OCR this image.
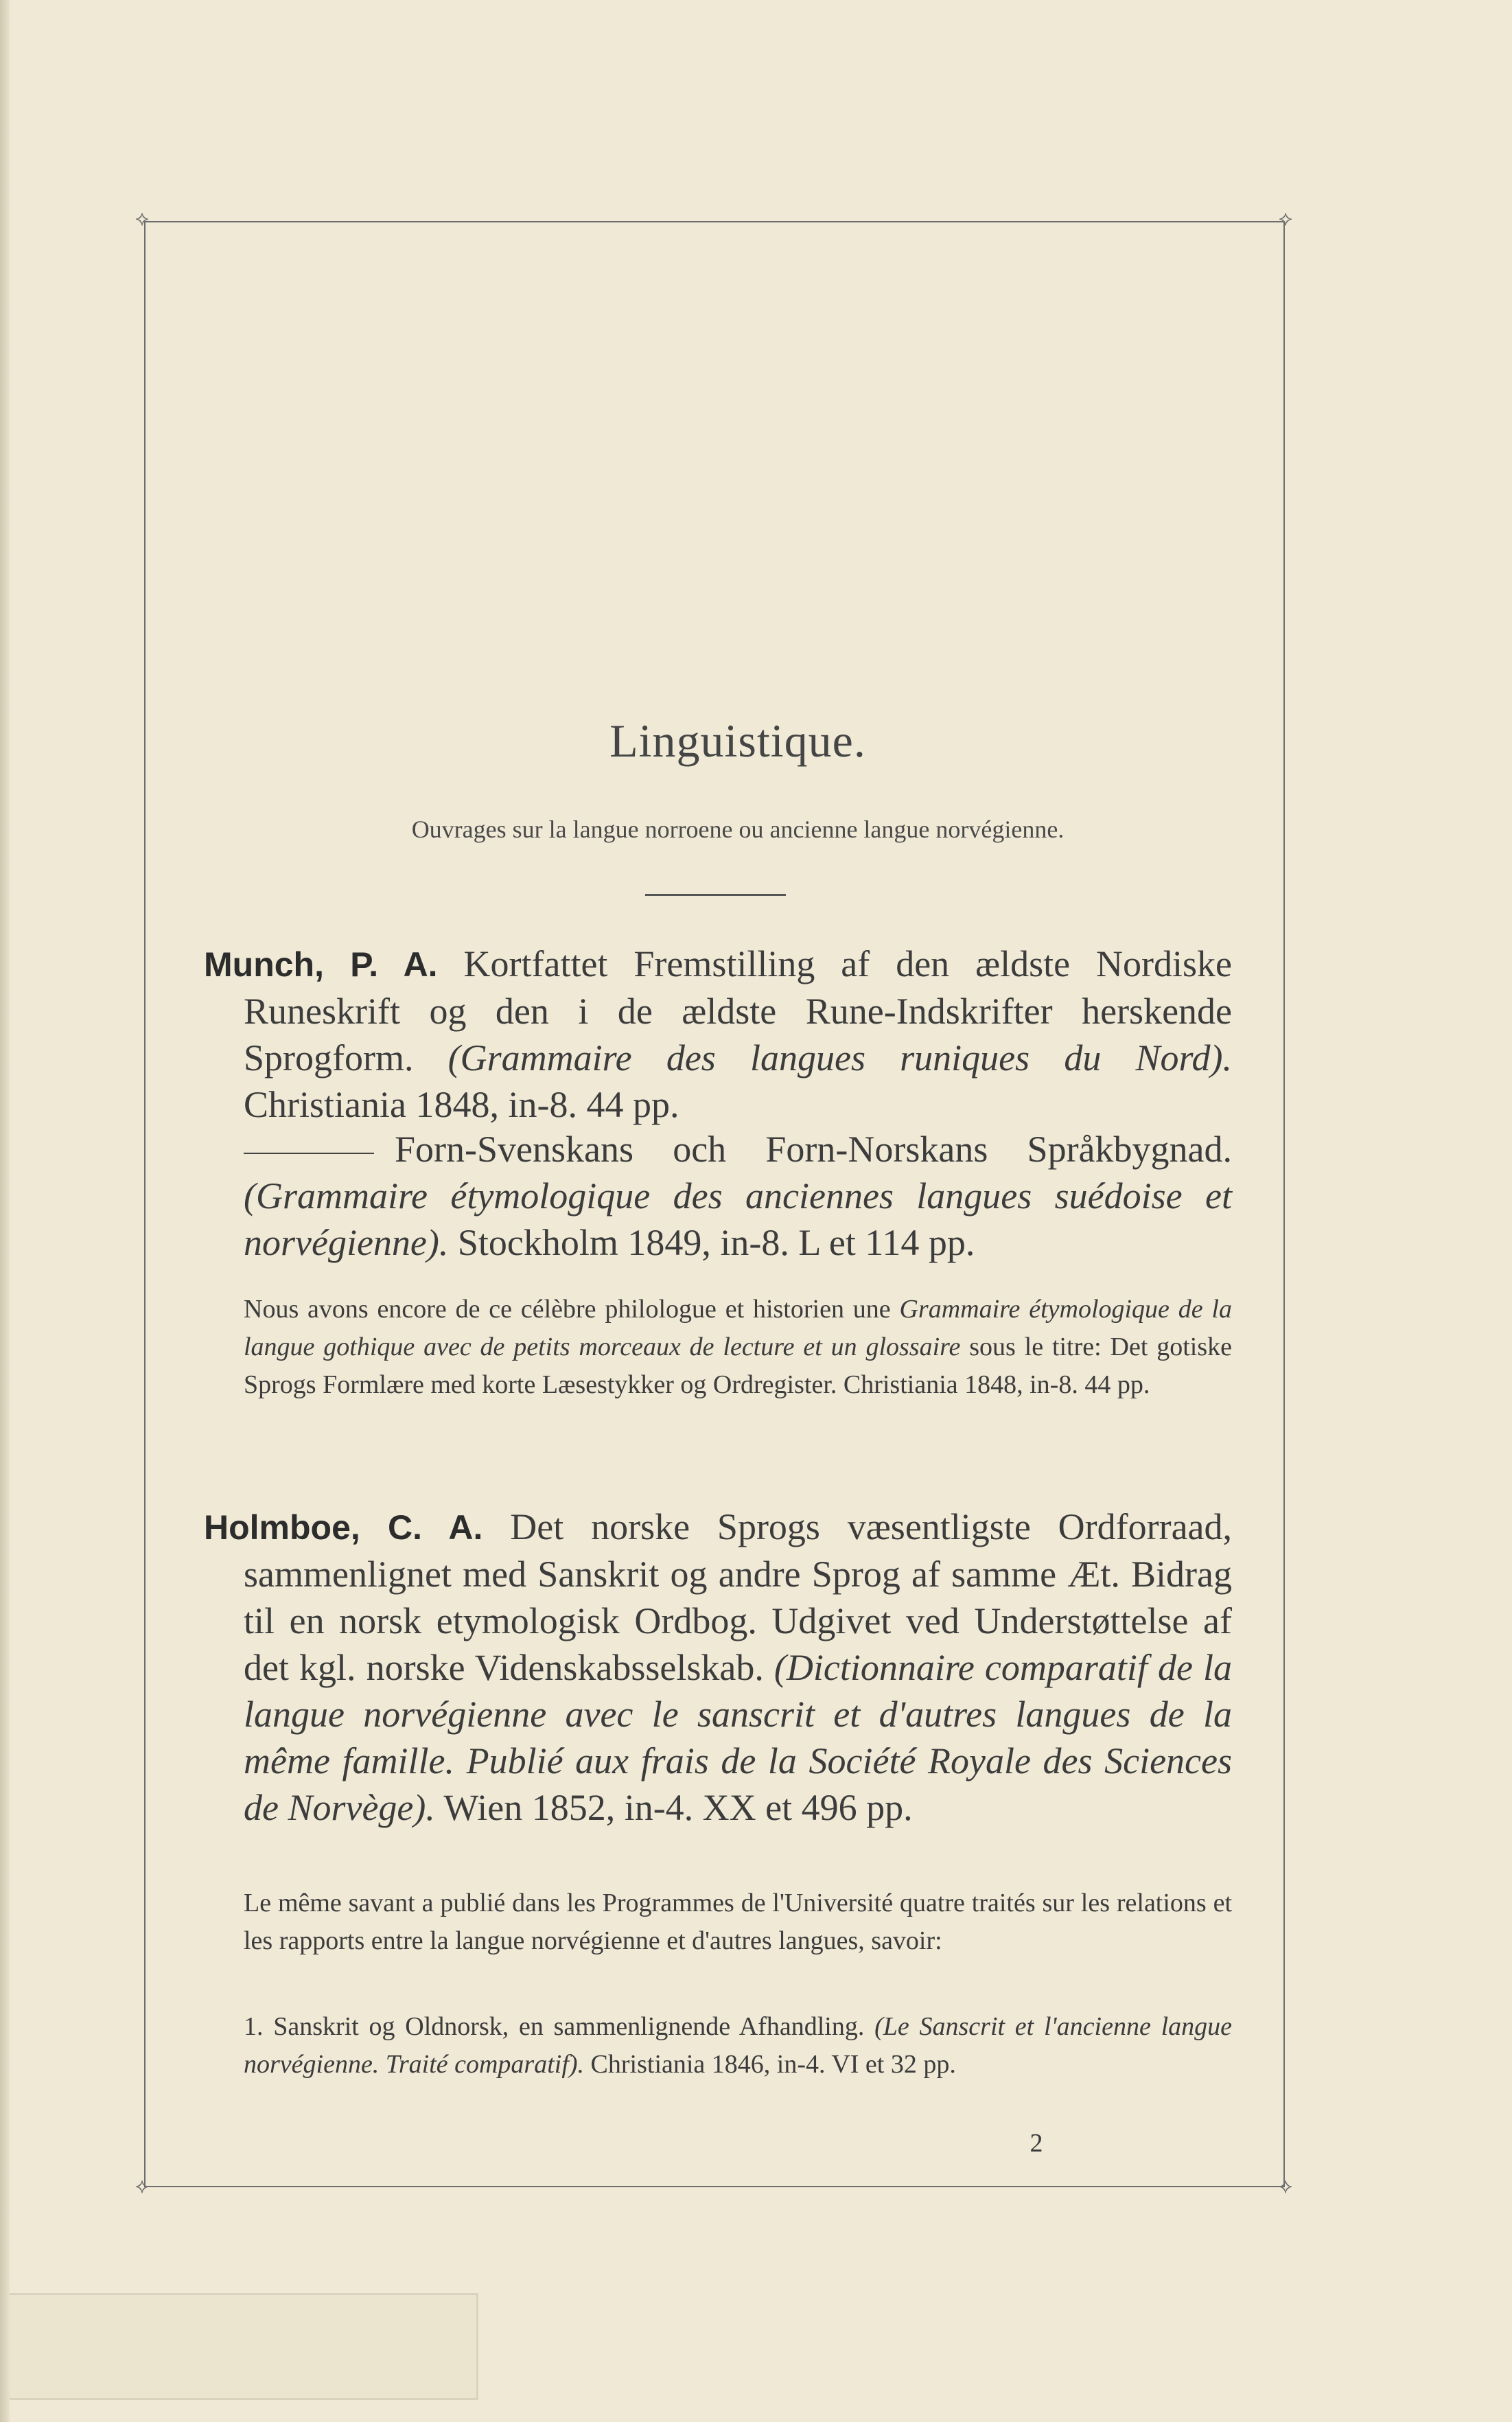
⟡	⟡
⟡	⟡
Linguistique.
Ouvrages sur la langue norroene ou ancienne langue norvégienne.
Munch, P. A. Kortfattet Fremstilling af den ældste Nordiske Runeskrift og den i de ældste Rune-Indskrifter herskende Sprogform. (Grammaire des langues runiques du Nord). Christiania 1848, in-8. 44 pp.
Forn-Svenskans och Forn-Norskans Språkbygnad. (Grammaire étymologique des anciennes langues suédoise et norvégienne). Stockholm 1849, in-8. L et 114 pp.
Nous avons encore de ce célèbre philologue et historien une Grammaire étymologique de la langue gothique avec de petits morceaux de lecture et un glossaire sous le titre: Det gotiske Sprogs Formlære med korte Læsestykker og Ordregister. Christiania 1848, in-8. 44 pp.
Holmboe, C. A. Det norske Sprogs væsentligste Ordforraad, sammenlignet med Sanskrit og andre Sprog af samme Æt. Bidrag til en norsk etymologisk Ordbog. Udgivet ved Understøttelse af det kgl. norske Videnskabsselskab. (Dictionnaire comparatif de la langue norvégienne avec le sanscrit et d'autres langues de la même famille. Publié aux frais de la Société Royale des Sciences de Norvège). Wien 1852, in-4. XX et 496 pp.
Le même savant a publié dans les Programmes de l'Université quatre traités sur les relations et les rapports entre la langue norvégienne et d'autres langues, savoir:
1. Sanskrit og Oldnorsk, en sammenlignende Afhandling. (Le Sanscrit et l'ancienne langue norvégienne. Traité comparatif). Christiania 1846, in-4. VI et 32 pp.
2
